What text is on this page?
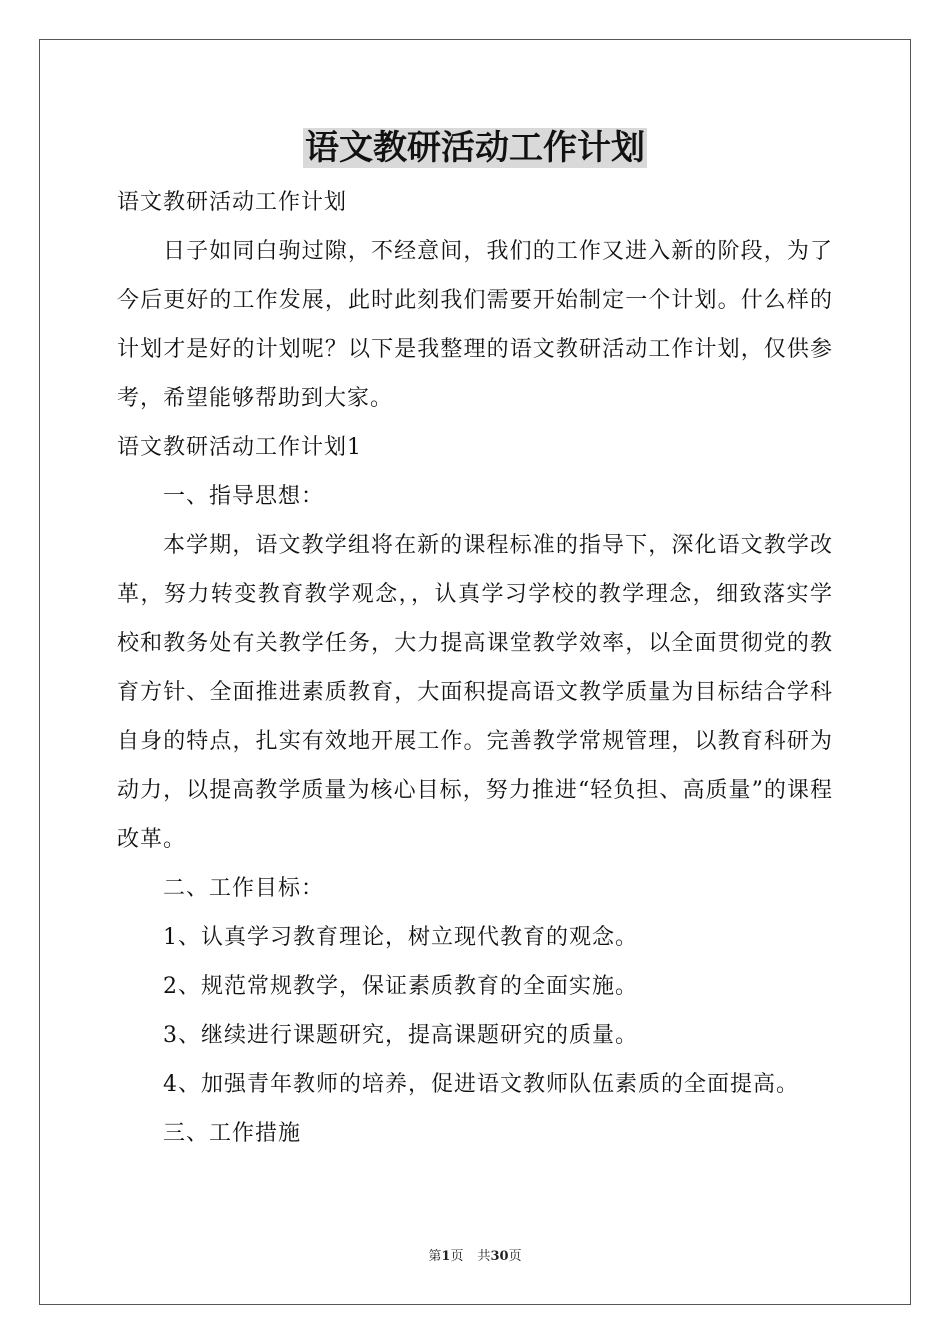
语文教研活动工作计划

语文教研活动工作计划

日子如同白驹过隙，不经意间，我们的工作又进入新的阶段，为了今后更好的工作发展，此时此刻我们需要开始制定一个计划。什么样的计划才是好的计划呢？以下是我整理的语文教研活动工作计划，仅供参考，希望能够帮助到大家。

语文教研活动工作计划1

一、指导思想：

本学期，语文教学组将在新的课程标准的指导下，深化语文教学改革，努力转变教育教学观念，，认真学习学校的教学理念，细致落实学校和教务处有关教学任务，大力提高课堂教学效率，以全面贯彻党的教育方针、全面推进素质教育，大面积提高语文教学质量为目标结合学科自身的特点，扎实有效地开展工作。完善教学常规管理，以教育科研为动力，以提高教学质量为核心目标，努力推进“轻负担、高质量”的课程改革。

二、工作目标：

1、认真学习教育理论，树立现代教育的观念。

2、规范常规教学，保证素质教育的全面实施。

3、继续进行课题研究，提高课题研究的质量。

4、加强青年教师的培养，促进语文教师队伍素质的全面提高。

三、工作措施

第1页 共30页
